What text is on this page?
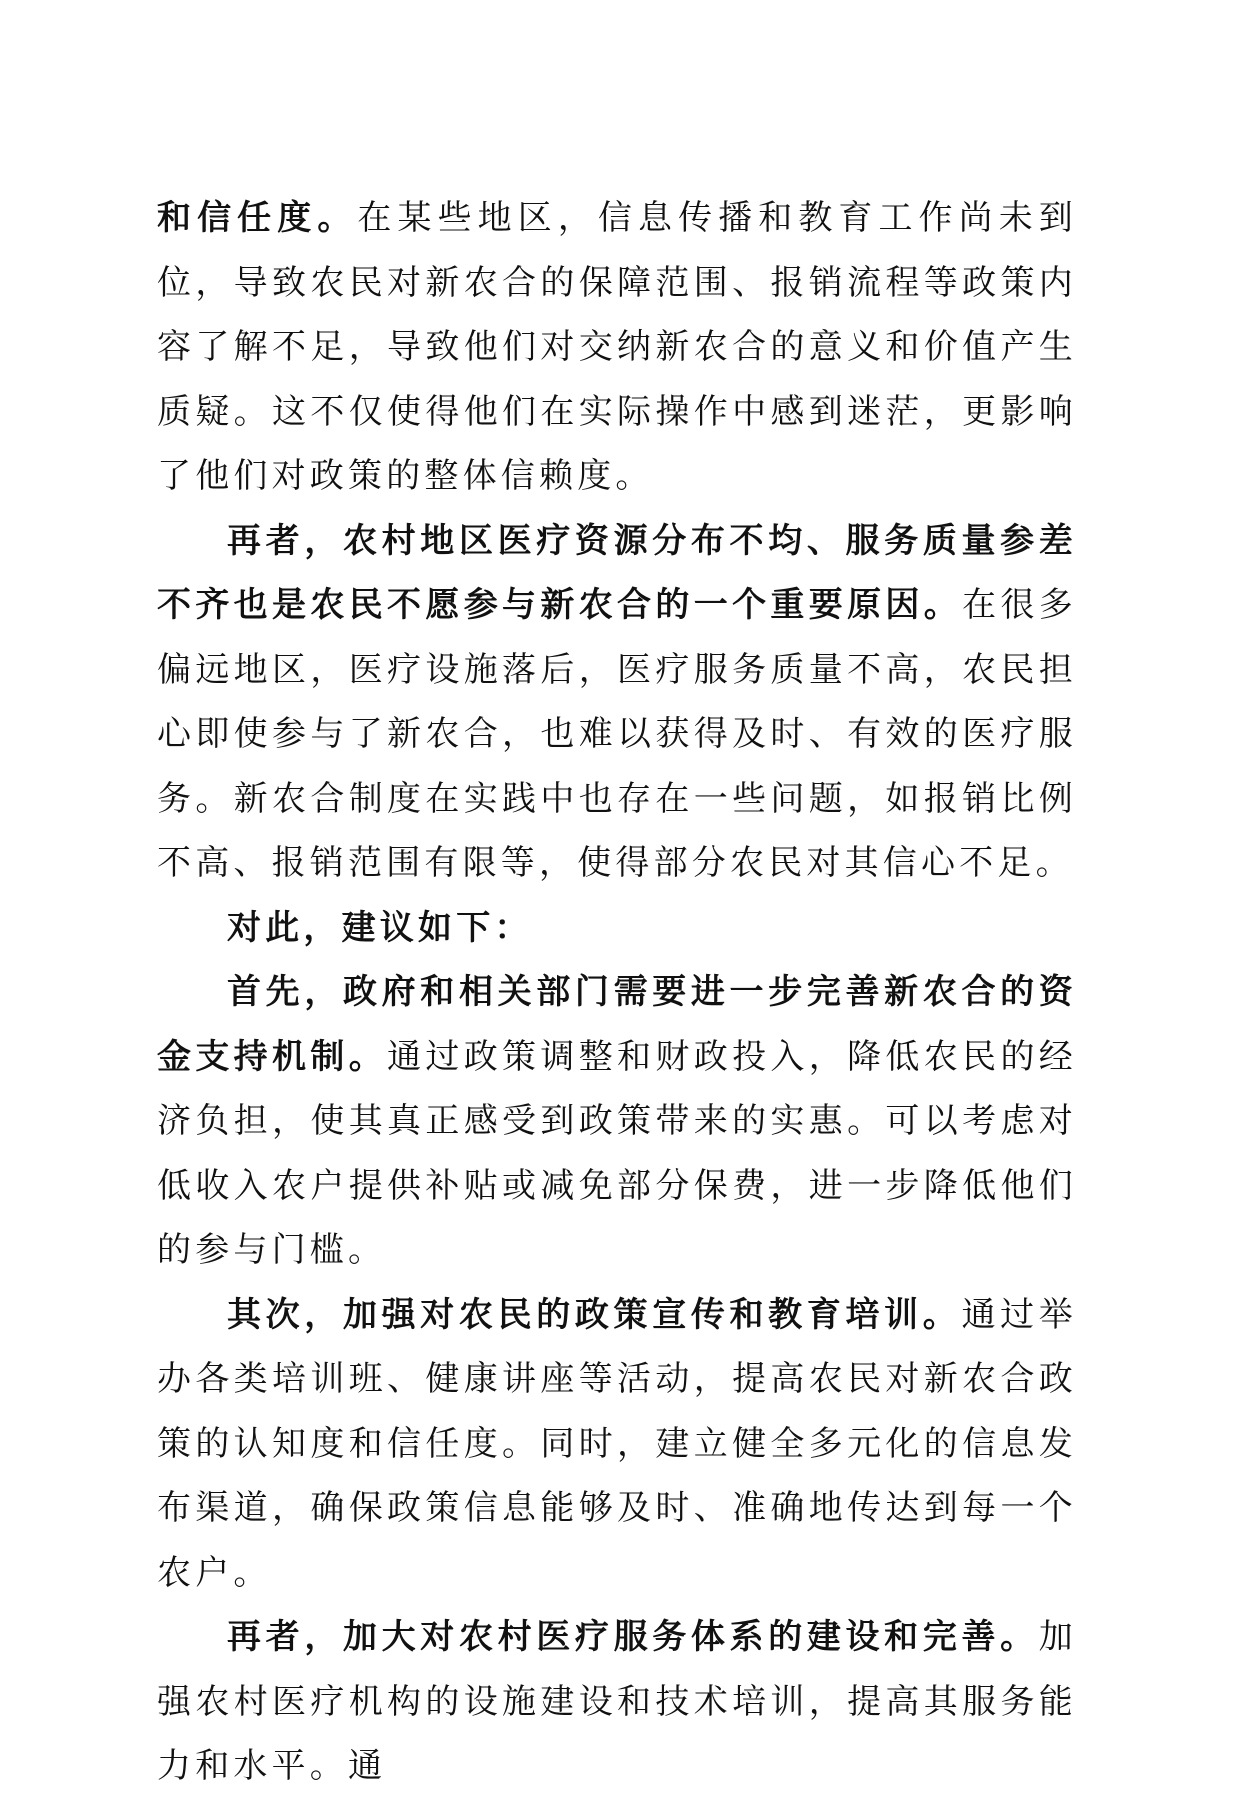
和信任度。在某些地区，信息传播和教育工作尚未到位，导致农民对新农合的保障范围、报销流程等政策内容了解不足，导致他们对交纳新农合的意义和价值产生质疑。这不仅使得他们在实际操作中感到迷茫，更影响了他们对政策的整体信赖度。

再者，农村地区医疗资源分布不均、服务质量参差不齐也是农民不愿参与新农合的一个重要原因。在很多偏远地区，医疗设施落后，医疗服务质量不高，农民担心即使参与了新农合，也难以获得及时、有效的医疗服务。新农合制度在实践中也存在一些问题，如报销比例不高、报销范围有限等，使得部分农民对其信心不足。

对此，建议如下：

首先，政府和相关部门需要进一步完善新农合的资金支持机制。通过政策调整和财政投入，降低农民的经济负担，使其真正感受到政策带来的实惠。可以考虑对低收入农户提供补贴或减免部分保费，进一步降低他们的参与门槛。

其次，加强对农民的政策宣传和教育培训。通过举办各类培训班、健康讲座等活动，提高农民对新农合政策的认知度和信任度。同时，建立健全多元化的信息发布渠道，确保政策信息能够及时、准确地传达到每一个农户。

再者，加大对农村医疗服务体系的建设和完善。加强农村医疗机构的设施建设和技术培训，提高其服务能力和水平。通
